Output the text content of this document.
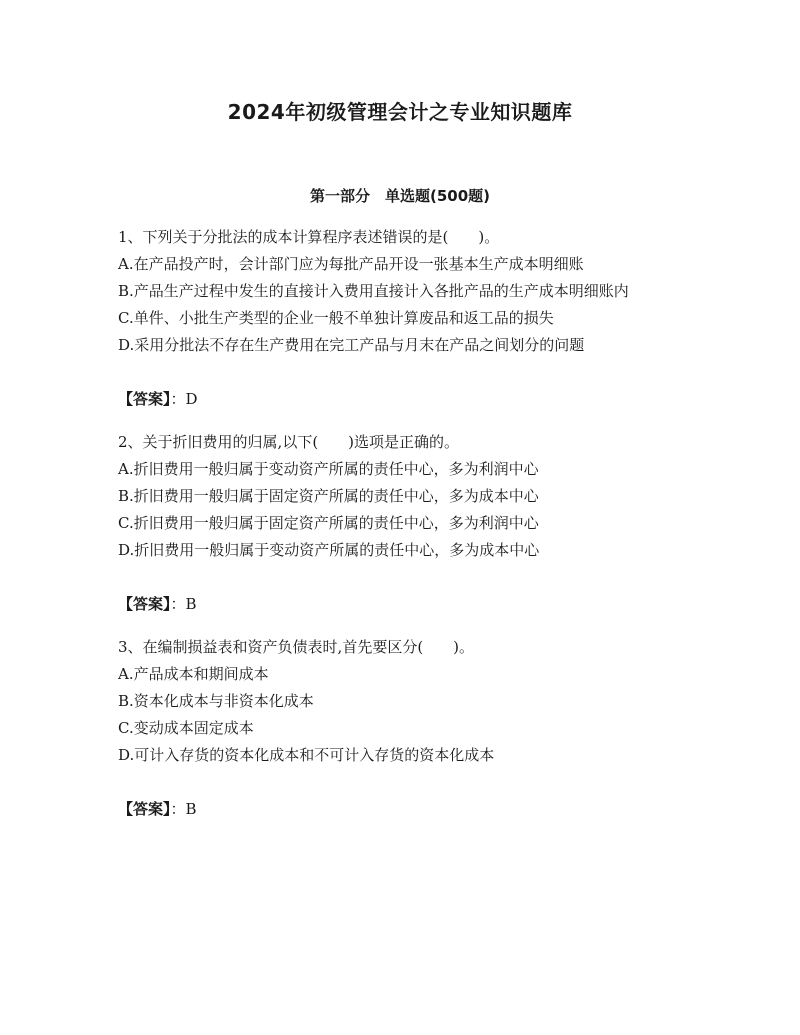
2024年初级管理会计之专业知识题库
第一部分　单选题(500题)
1、下列关于分批法的成本计算程序表述错误的是(　　)。
A.在产品投产时，会计部门应为每批产品开设一张基本生产成本明细账
B.产品生产过程中发生的直接计入费用直接计入各批产品的生产成本明细账内
C.单件、小批生产类型的企业一般不单独计算废品和返工品的损失
D.采用分批法不存在生产费用在完工产品与月末在产品之间划分的问题
【答案】：D
2、关于折旧费用的归属,以下(　　)选项是正确的。
A.折旧费用一般归属于变动资产所属的责任中心，多为利润中心
B.折旧费用一般归属于固定资产所属的责任中心，多为成本中心
C.折旧费用一般归属于固定资产所属的责任中心，多为利润中心
D.折旧费用一般归属于变动资产所属的责任中心，多为成本中心
【答案】：B
3、在编制损益表和资产负债表时,首先要区分(　　)。
A.产品成本和期间成本
B.资本化成本与非资本化成本
C.变动成本固定成本
D.可计入存货的资本化成本和不可计入存货的资本化成本
【答案】：B
